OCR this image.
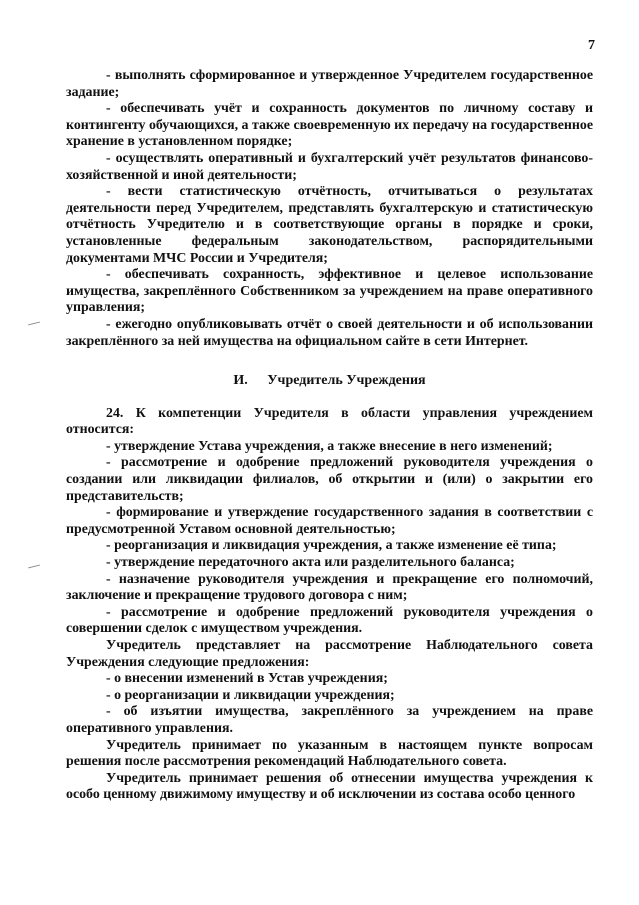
7

- выполнять сформированное и утвержденное Учредителем государственное задание;

- обеспечивать учёт и сохранность документов по личному составу и контингенту обучающихся, а также своевременную их передачу на государственное хранение в установленном порядке;

- осуществлять оперативный и бухгалтерский учёт результатов финансово-хозяйственной и иной деятельности;

- вести статистическую отчётность, отчитываться о результатах деятельности перед Учредителем, представлять бухгалтерскую и статистическую отчётность Учредителю и в соответствующие органы в порядке и сроки, установленные федеральным законодательством, распорядительными документами МЧС России и Учредителя;

- обеспечивать сохранность, эффективное и целевое использование имущества, закреплённого Собственником за учреждением на праве оперативного управления;

- ежегодно опубликовывать отчёт о своей деятельности и об использовании закреплённого за ней имущества на официальном сайте в сети Интернет.

И. Учредитель Учреждения

24. К компетенции Учредителя в области управления учреждением относится:

- утверждение Устава учреждения, а также внесение в него изменений;

- рассмотрение и одобрение предложений руководителя учреждения о создании или ликвидации филиалов, об открытии и (или) о закрытии его представительств;

- формирование и утверждение государственного задания в соответствии с предусмотренной Уставом основной деятельностью;

- реорганизация и ликвидация учреждения, а также изменение её типа;

- утверждение передаточного акта или разделительного баланса;

- назначение руководителя учреждения и прекращение его полномочий, заключение и прекращение трудового договора с ним;

- рассмотрение и одобрение предложений руководителя учреждения о совершении сделок с имуществом учреждения.

Учредитель представляет на рассмотрение Наблюдательного совета Учреждения следующие предложения:

- о внесении изменений в Устав учреждения;

- о реорганизации и ликвидации учреждения;

- об изъятии имущества, закреплённого за учреждением на праве оперативного управления.

Учредитель принимает по указанным в настоящем пункте вопросам решения после рассмотрения рекомендаций Наблюдательного совета.

Учредитель принимает решения об отнесении имущества учреждения к особо ценному движимому имуществу и об исключении из состава особо ценного
